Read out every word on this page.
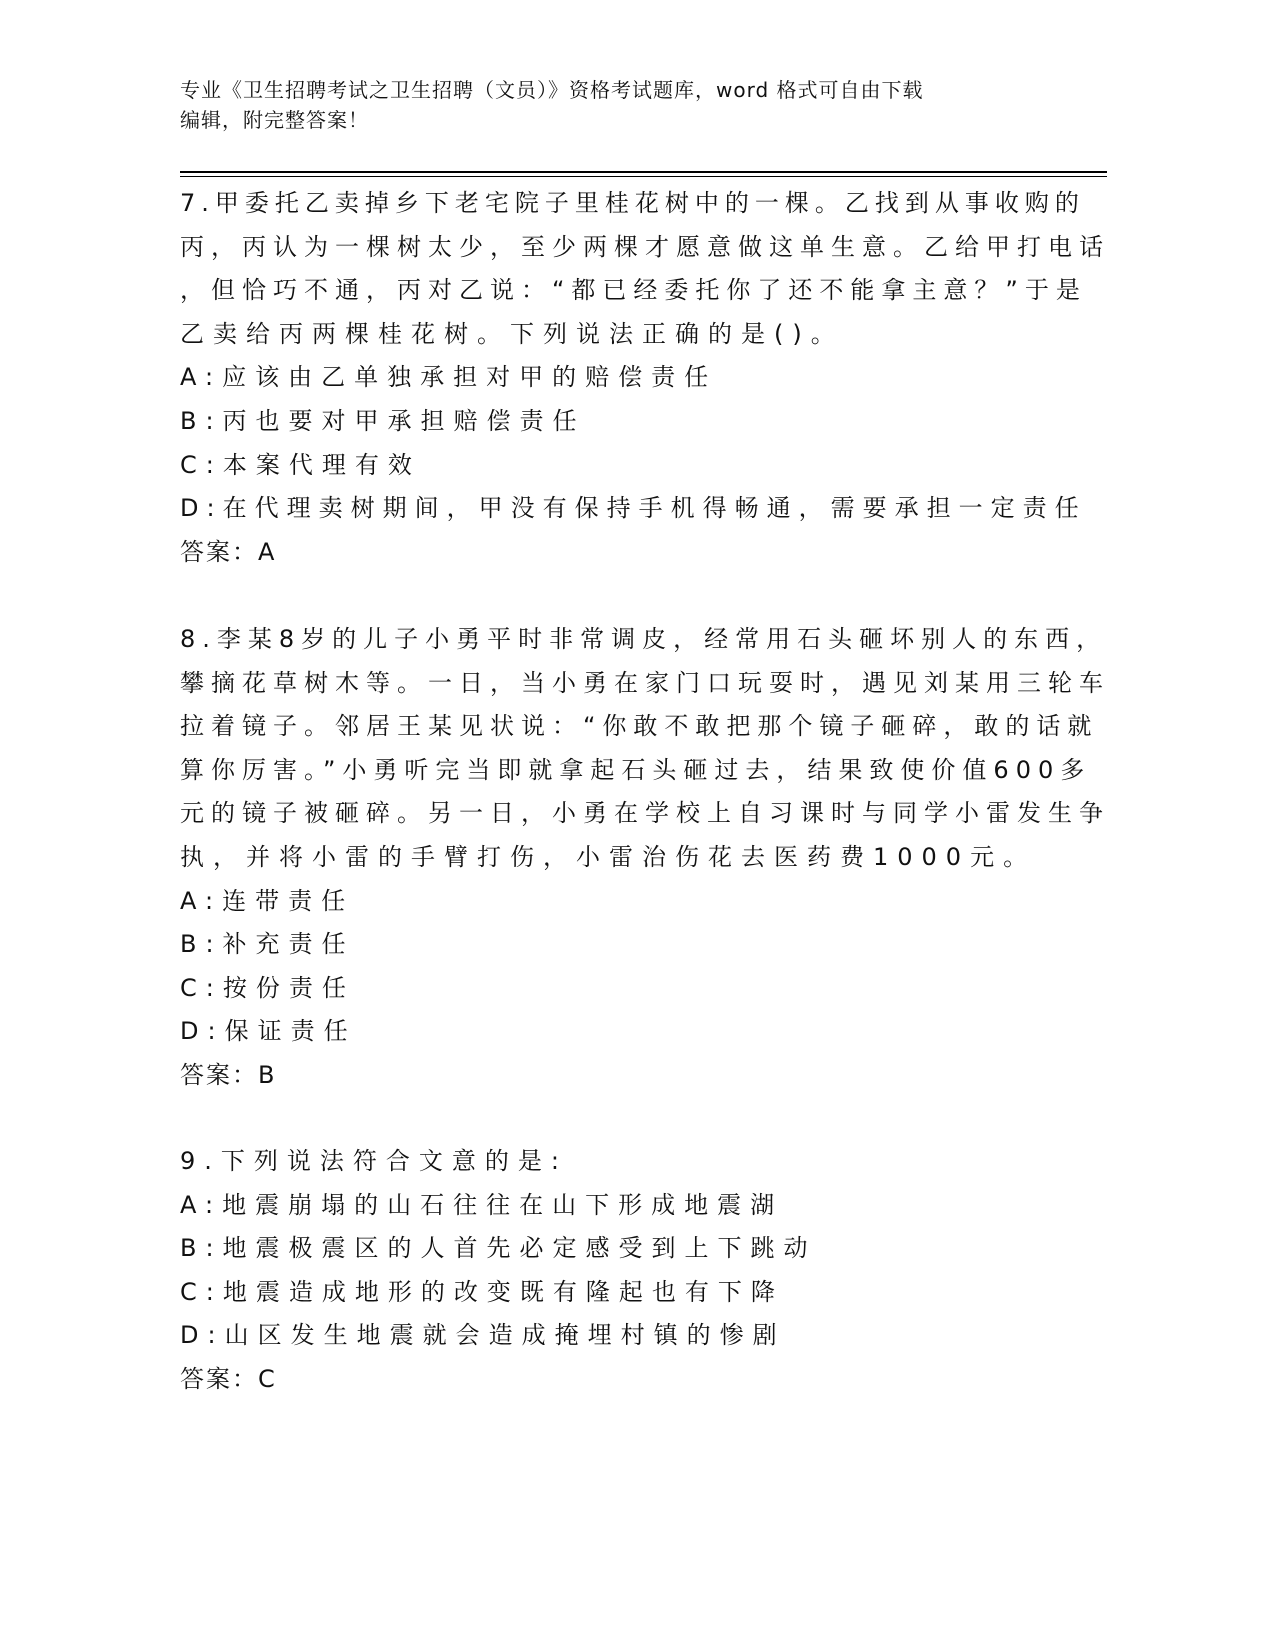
专业《卫生招聘考试之卫生招聘（文员）》资格考试题库，word 格式可自由下载
编辑，附完整答案！
7.甲委托乙卖掉乡下老宅院子里桂花树中的一棵。乙找到从事收购的
丙，丙认为一棵树太少，至少两棵才愿意做这单生意。乙给甲打电话
，但恰巧不通，丙对乙说：“都已经委托你了还不能拿主意？”于是
乙卖给丙两棵桂花树。下列说法正确的是()。
A:应该由乙单独承担对甲的赔偿责任
B:丙也要对甲承担赔偿责任
C:本案代理有效
D:在代理卖树期间，甲没有保持手机得畅通，需要承担一定责任
答案：A
8.李某8岁的儿子小勇平时非常调皮，经常用石头砸坏别人的东西，
攀摘花草树木等。一日，当小勇在家门口玩耍时，遇见刘某用三轮车
拉着镜子。邻居王某见状说：“你敢不敢把那个镜子砸碎，敢的话就
算你厉害。”小勇听完当即就拿起石头砸过去，结果致使价值600多
元的镜子被砸碎。另一日，小勇在学校上自习课时与同学小雷发生争
执，并将小雷的手臂打伤，小雷治伤花去医药费1000元。
A:连带责任
B:补充责任
C:按份责任
D:保证责任
答案：B
9.下列说法符合文意的是:
A:地震崩塌的山石往往在山下形成地震湖
B:地震极震区的人首先必定感受到上下跳动
C:地震造成地形的改变既有隆起也有下降
D:山区发生地震就会造成掩埋村镇的惨剧
答案：C
